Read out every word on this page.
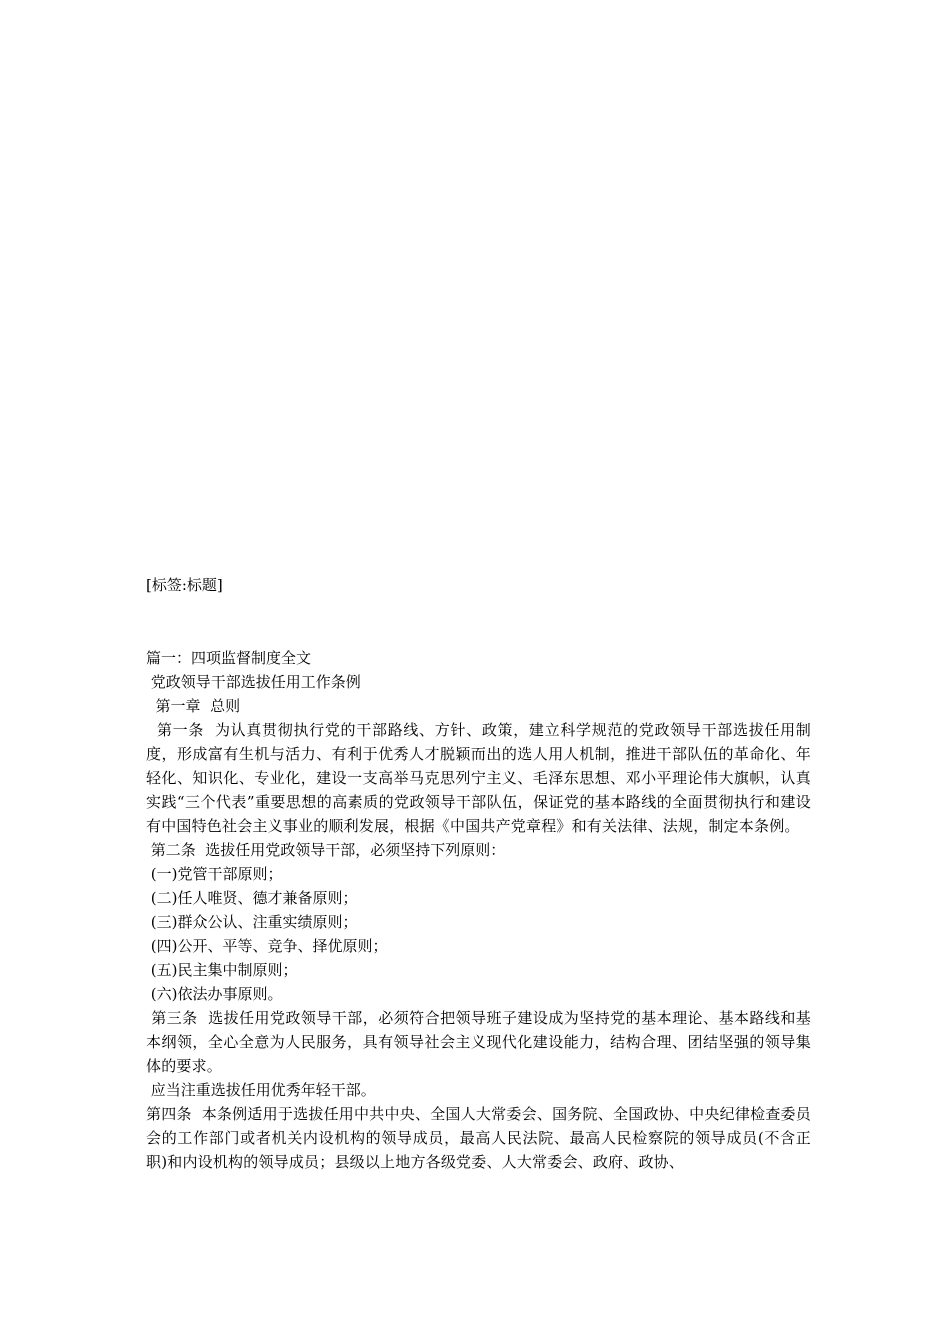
[标签:标题]
篇一：四项监督制度全文
党政领导干部选拔任用工作条例
第一章  总则
第一条  为认真贯彻执行党的干部路线、方针、政策，建立科学规范的党政领导干部选拔任用制度，形成富有生机与活力、有利于优秀人才脱颖而出的选人用人机制，推进干部队伍的革命化、年轻化、知识化、专业化，建设一支高举马克思列宁主义、毛泽东思想、邓小平理论伟大旗帜，认真实践“三个代表”重要思想的高素质的党政领导干部队伍，保证党的基本路线的全面贯彻执行和建设有中国特色社会主义事业的顺利发展，根据《中国共产党章程》和有关法律、法规，制定本条例。
第二条  选拔任用党政领导干部，必须坚持下列原则：
(一)党管干部原则；
(二)任人唯贤、德才兼备原则；
(三)群众公认、注重实绩原则；
(四)公开、平等、竞争、择优原则；
(五)民主集中制原则；
(六)依法办事原则。
第三条  选拔任用党政领导干部，必须符合把领导班子建设成为坚持党的基本理论、基本路线和基本纲领，全心全意为人民服务，具有领导社会主义现代化建设能力，结构合理、团结坚强的领导集体的要求。
应当注重选拔任用优秀年轻干部。
第四条  本条例适用于选拔任用中共中央、全国人大常委会、国务院、全国政协、中央纪律检查委员会的工作部门或者机关内设机构的领导成员，最高人民法院、最高人民检察院的领导成员(不含正职)和内设机构的领导成员；县级以上地方各级党委、人大常委会、政府、政协、
